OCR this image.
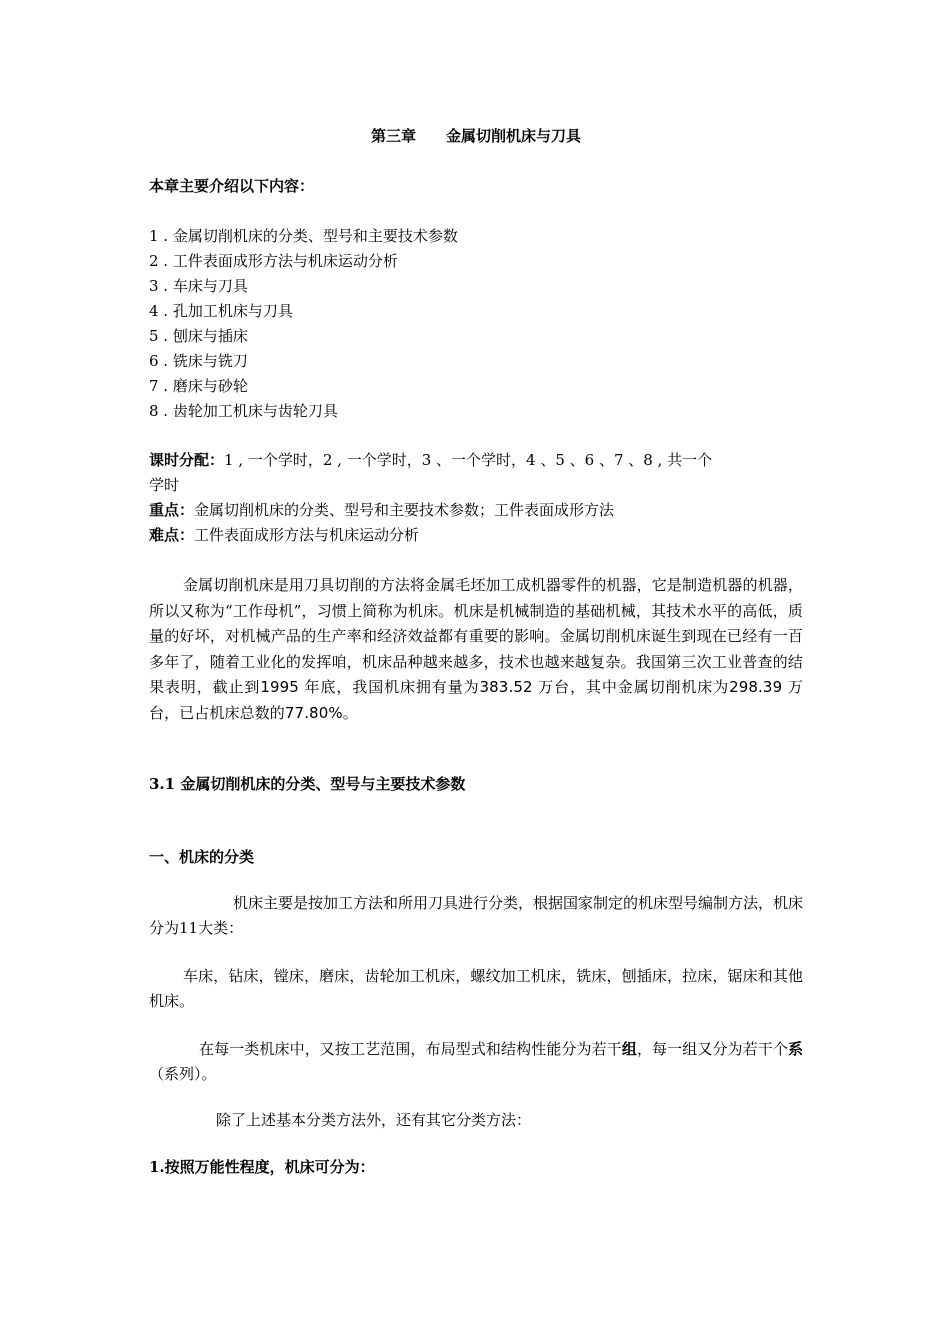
第三章　　金属切削机床与刀具
本章主要介绍以下内容：
1 . 金属切削机床的分类、型号和主要技术参数
2 . 工件表面成形方法与机床运动分析
3 . 车床与刀具
4 . 孔加工机床与刀具
5 . 刨床与插床
6 . 铣床与铣刀
7 . 磨床与砂轮
8 . 齿轮加工机床与齿轮刀具
课时分配：1 , 一个学时，2 , 一个学时，3 、一个学时，4 、5 、6 、7 、8 , 共一个
学时
重点：金属切削机床的分类、型号和主要技术参数；工件表面成形方法
难点：工件表面成形方法与机床运动分析
金属切削机床是用刀具切削的方法将金属毛坯加工成机器零件的机器，它是制造机器的机器，所以又称为“工作母机”，习惯上简称为机床。机床是机械制造的基础机械，其技术水平的高低，质量的好坏，对机械产品的生产率和经济效益都有重要的影响。金属切削机床诞生到现在已经有一百多年了，随着工业化的发挥咱，机床品种越来越多，技术也越来越复杂。我国第三次工业普查的结果表明，截止到1995 年底，我国机床拥有量为383.52 万台，其中金属切削机床为298.39 万台，已占机床总数的77.80%。
3.1 金属切削机床的分类、型号与主要技术参数
一、机床的分类
机床主要是按加工方法和所用刀具进行分类，根据国家制定的机床型号编制方法，机床分为11大类：
车床，钻床，镗床，磨床，齿轮加工机床，螺纹加工机床，铣床，刨插床，拉床，锯床和其他机床。
在每一类机床中，又按工艺范围，布局型式和结构性能分为若干组，每一组又分为若干个系（系列）。
除了上述基本分类方法外，还有其它分类方法：
1.按照万能性程度，机床可分为：
